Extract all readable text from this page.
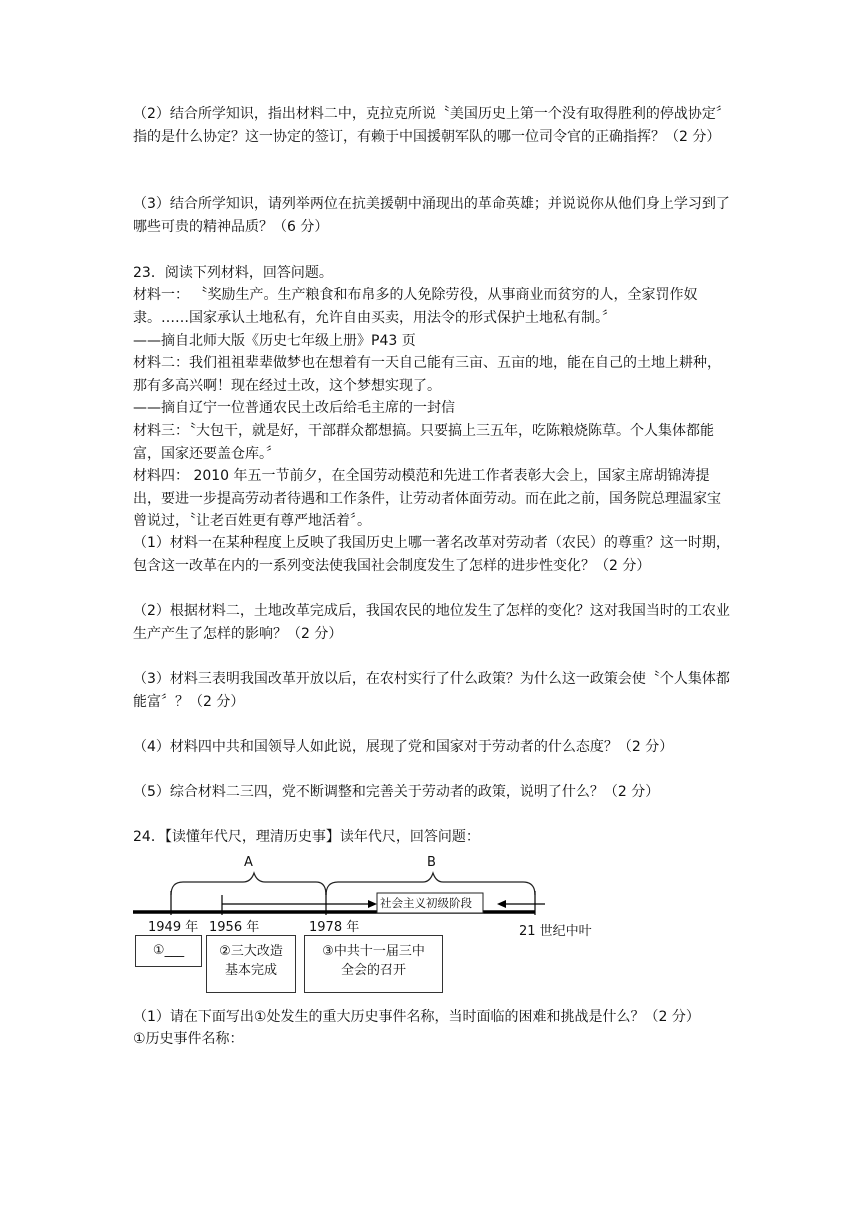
（2）结合所学知识，指出材料二中，克拉克所说〝美国历史上第一个没有取得胜利的停战协定〞指的是什么协定？这一协定的签订，有赖于中国援朝军队的哪一位司令官的正确指挥？（2 分）

（3）结合所学知识，请列举两位在抗美援朝中涌现出的革命英雄；并说说你从他们身上学习到了哪些可贵的精神品质？（6 分）

23．阅读下列材料，回答问题。

材料一： 〝奖励生产。生产粮食和布帛多的人免除劳役，从事商业而贫穷的人，全家罚作奴隶。……国家承认土地私有，允许自由买卖，用法令的形式保护土地私有制。〞

——摘自北师大版《历史七年级上册》P43 页

材料二：我们祖祖辈辈做梦也在想着有一天自己能有三亩、五亩的地，能在自己的土地上耕种，那有多高兴啊！现在经过土改，这个梦想实现了。

——摘自辽宁一位普通农民土改后给毛主席的一封信

材料三：〝大包干，就是好，干部群众都想搞。只要搞上三五年，吃陈粮烧陈草。个人集体都能富，国家还要盖仓库。〞

材料四： 2010 年五一节前夕，在全国劳动模范和先进工作者表彰大会上，国家主席胡锦涛提出，要进一步提高劳动者待遇和工作条件，让劳动者体面劳动。而在此之前，国务院总理温家宝曾说过，〝让老百姓更有尊严地活着〞。

（1）材料一在某种程度上反映了我国历史上哪一著名改革对劳动者（农民）的尊重？这一时期，包含这一改革在内的一系列变法使我国社会制度发生了怎样的进步性变化？（2 分）

（2）根据材料二，土地改革完成后，我国农民的地位发生了怎样的变化？这对我国当时的工农业生产产生了怎样的影响？（2 分）

（3）材料三表明我国改革开放以后，在农村实行了什么政策？为什么这一政策会使〝个人集体都能富〞？（2 分）

（4）材料四中共和国领导人如此说，展现了党和国家对于劳动者的什么态度？（2 分）

（5）综合材料二三四，党不断调整和完善关于劳动者的政策，说明了什么？（2 分）

24．【读懂年代尺，理清历史事】读年代尺，回答问题：

A	B
社会主义初级阶段
1949 年 1956 年	1978 年	21 世纪中叶
①___	②三大改造
基本完成
③中共十一届三中
全会的召开

（1）请在下面写出①处发生的重大历史事件名称，当时面临的困难和挑战是什么？（2 分）

①历史事件名称：
